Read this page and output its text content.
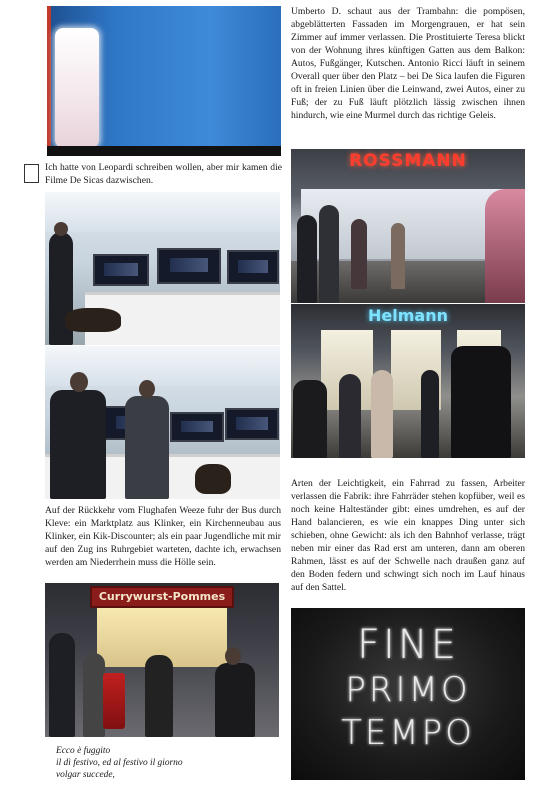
Ich hatte von Leopardi schreiben wollen, aber mir kamen die Filme De Sicas dazwischen.
Auf der Rückkehr vom Flughafen Weeze fuhr der Bus durch Kleve: ein Marktplatz aus Klinker, ein Kirchenneubau aus Klinker, ein Kik-Discounter; als ein paar Jugendliche mit mir auf den Zug ins Ruhrgebiet warteten, dachte ich, erwachsen werden am Niederrhein muss die Hölle sein.
Currywurst-Pommes
Ecco è fuggito
il dì festivo, ed al festivo il giorno
volgar succede,
Umberto D. schaut aus der Trambahn: die pompösen, abgeblätterten Fassaden im Morgengrauen, er hat sein Zimmer auf immer verlassen. Die Prostituierte Teresa blickt von der Wohnung ihres künftigen Gatten aus dem Balkon: Autos, Fußgänger, Kutschen. Antonio Ricci läuft in seinem Overall quer über den Platz – bei De Sica laufen die Figuren oft in freien Linien über die Leinwand, zwei Autos, einer zu Fuß; der zu Fuß läuft plötzlich lässig zwischen ihnen hindurch, wie eine Murmel durch das richtige Geleis.
ROSSMANN
Helmann
Arten der Leichtigkeit, ein Fahrrad zu fassen, Arbeiter verlassen die Fabrik: ihre Fahrräder stehen kopfüber, weil es noch keine Halteständer gibt: eines umdrehen, es auf der Hand balancieren, es wie ein knappes Ding unter sich schieben, ohne Gewicht: als ich den Bahnhof verlasse, trägt neben mir einer das Rad erst am unteren, dann am oberen Rahmen, lässt es auf der Schwelle nach draußen ganz auf den Boden federn und schwingt sich noch im Lauf hinaus auf den Sattel.
FINE
PRIMO
TEMPO
